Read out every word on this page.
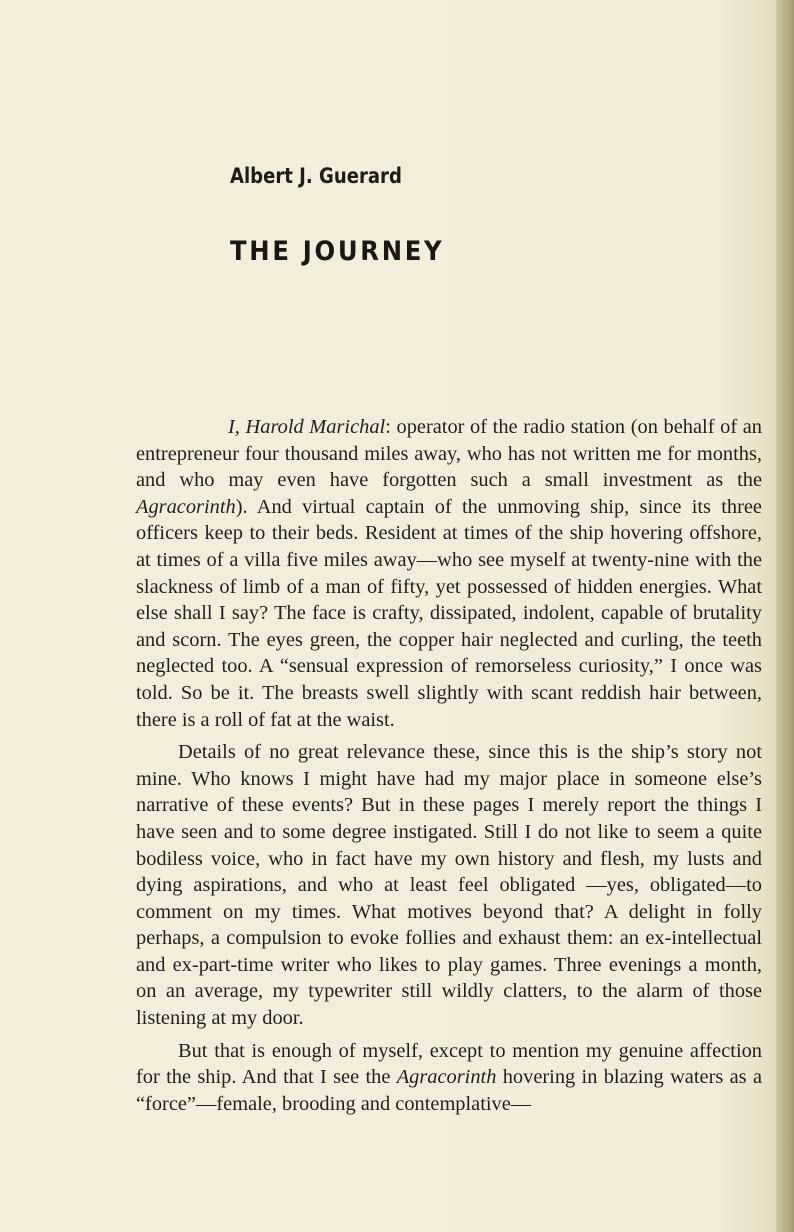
Albert J. Guerard
THE JOURNEY

I, Harold Marichal: operator of the radio station (on behalf of an entrepreneur four thousand miles away, who has not written me for months, and who may even have forgotten such a small investment as the Agracorinth). And virtual captain of the unmoving ship, since its three officers keep to their beds. Resident at times of the ship hovering offshore, at times of a villa five miles away—who see myself at twenty-nine with the slackness of limb of a man of fifty, yet possessed of hidden energies. What else shall I say? The face is crafty, dissipated, indolent, capable of brutality and scorn. The eyes green, the copper hair neglected and curling, the teeth neglected too. A “sensual expression of remorseless curiosity,” I once was told. So be it. The breasts swell slightly with scant reddish hair between, there is a roll of fat at the waist.

Details of no great relevance these, since this is the ship’s story not mine. Who knows I might have had my major place in someone else’s narrative of these events? But in these pages I merely report the things I have seen and to some degree instigated. Still I do not like to seem a quite bodiless voice, who in fact have my own history and flesh, my lusts and dying aspirations, and who at least feel obligated —yes, obligated—to comment on my times. What motives beyond that? A delight in folly perhaps, a compulsion to evoke follies and exhaust them: an ex-intellectual and ex-part-time writer who likes to play games. Three evenings a month, on an average, my typewriter still wildly clatters, to the alarm of those listening at my door.

But that is enough of myself, except to mention my genuine affection for the ship. And that I see the Agracorinth hovering in blazing waters as a “force”—female, brooding and contemplative—
